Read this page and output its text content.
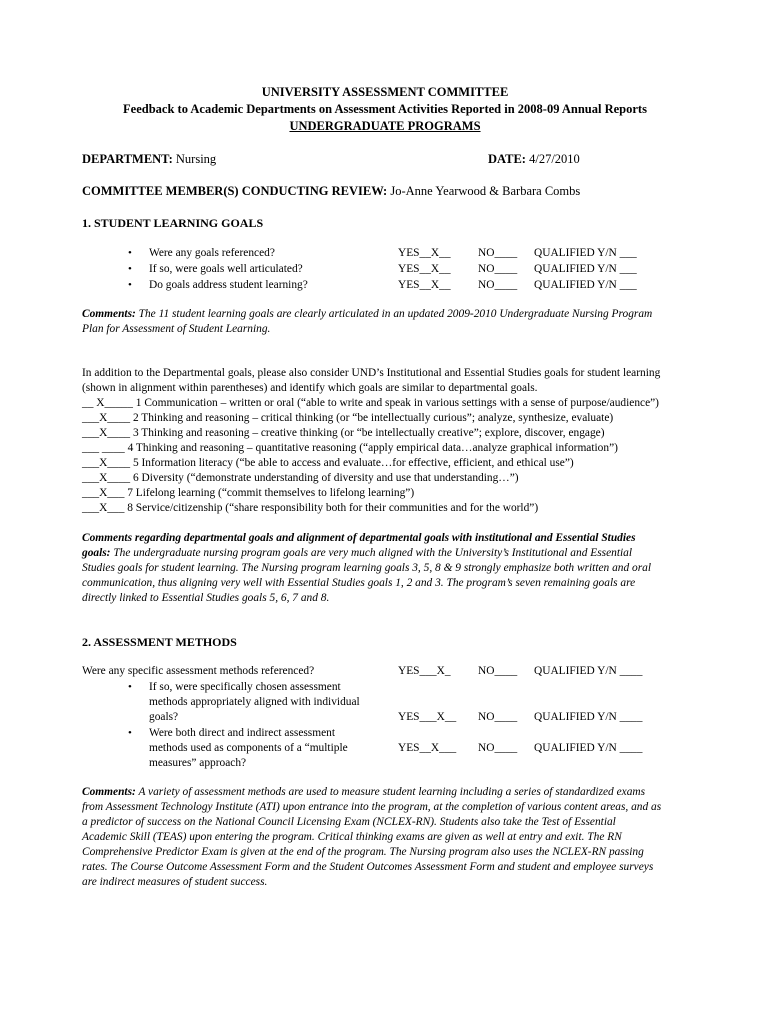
UNIVERSITY ASSESSMENT COMMITTEE
Feedback to Academic Departments on Assessment Activities Reported in 2008-09 Annual Reports
UNDERGRADUATE PROGRAMS
DEPARTMENT: Nursing	DATE: 4/27/2010
COMMITTEE MEMBER(S) CONDUCTING REVIEW: Jo-Anne Yearwood & Barbara Combs
1. STUDENT LEARNING GOALS
• Were any goals referenced?	YES__X__ NO____ QUALIFIED Y/N ___
• If so, were goals well articulated?	YES__X__ NO____ QUALIFIED Y/N ___
• Do goals address student learning?	YES__X__ NO____ QUALIFIED Y/N ___
Comments: The 11 student learning goals are clearly articulated in an updated 2009-2010 Undergraduate Nursing Program
Plan for Assessment of Student Learning.
In addition to the Departmental goals, please also consider UND’s Institutional and Essential Studies goals for student learning
(shown in alignment within parentheses) and identify which goals are similar to departmental goals.
__ X_____ 1 Communication – written or oral (“able to write and speak in various settings with a sense of purpose/audience”)
___X____ 2 Thinking and reasoning – critical thinking (or “be intellectually curious”; analyze, synthesize, evaluate)
___X____ 3 Thinking and reasoning – creative thinking (or “be intellectually creative”; explore, discover, engage)
___ ____ 4 Thinking and reasoning – quantitative reasoning (“apply empirical data…analyze graphical information”)
___X____ 5 Information literacy (“be able to access and evaluate…for effective, efficient, and ethical use”)
___X____ 6 Diversity (“demonstrate understanding of diversity and use that understanding…”)
___X___ 7 Lifelong learning (“commit themselves to lifelong learning”)
___X___ 8 Service/citizenship (“share responsibility both for their communities and for the world”)
Comments regarding departmental goals and alignment of departmental goals with institutional and Essential Studies
goals: The undergraduate nursing program goals are very much aligned with the University’s Institutional and Essential
Studies goals for student learning. The Nursing program learning goals 3, 5, 8 & 9 strongly emphasize both written and oral
communication, thus aligning very well with Essential Studies goals 1, 2 and 3. The program’s seven remaining goals are
directly linked to Essential Studies goals 5, 6, 7 and 8.
2. ASSESSMENT METHODS
Were any specific assessment methods referenced?	YES___X_ NO____ QUALIFIED Y/N ____
• If so, were specifically chosen assessment
methods appropriately aligned with individual
goals?	YES___X__ NO____ QUALIFIED Y/N ____
• Were both direct and indirect assessment
methods used as components of a “multiple	YES__X___ NO____ QUALIFIED Y/N ____
measures” approach?
Comments: A variety of assessment methods are used to measure student learning including a series of standardized exams
from Assessment Technology Institute (ATI) upon entrance into the program, at the completion of various content areas, and as
a predictor of success on the National Council Licensing Exam (NCLEX-RN). Students also take the Test of Essential
Academic Skill (TEAS) upon entering the program. Critical thinking exams are given as well at entry and exit. The RN
Comprehensive Predictor Exam is given at the end of the program. The Nursing program also uses the NCLEX-RN passing
rates. The Course Outcome Assessment Form and the Student Outcomes Assessment Form and student and employee surveys
are indirect measures of student success.
